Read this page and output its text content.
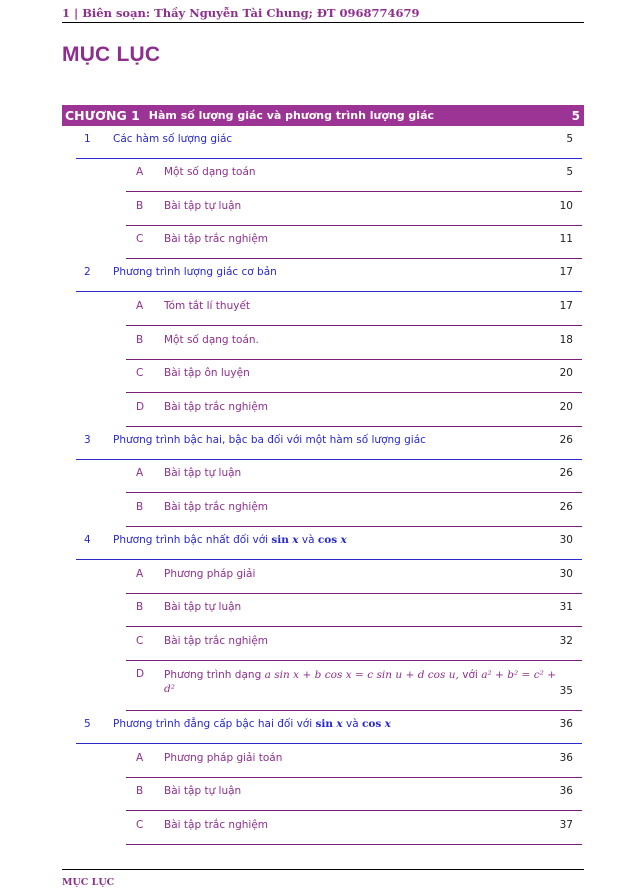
1 | Biên soạn: Thầy Nguyễn Tài Chung; ĐT 0968774679
MỤC LỤC
CHƯƠNG 1 Hàm số lượng giác và phương trình lượng giác	5
1 Các hàm số lượng giác	5
A Một số dạng toán	5
B Bài tập tự luận	10
C Bài tập trắc nghiệm	11
2 Phương trình lượng giác cơ bản	17
A Tóm tắt lí thuyết	17
B Một số dạng toán.	18
C Bài tập ôn luyện	20
D Bài tập trắc nghiệm	20
3 Phương trình bậc hai, bậc ba đối với một hàm số lượng giác	26
A Bài tập tự luận	26
B Bài tập trắc nghiệm	26
4 Phương trình bậc nhất đối với sin x và cos x	30
A Phương pháp giải	30
B Bài tập tự luận	31
C Bài tập trắc nghiệm	32
D Phương trình dạng a sin x + b cos x = c sin u + d cos u, với a² + b² = c² + d²	35
5 Phương trình đẳng cấp bậc hai đối với sin x và cos x	36
A Phương pháp giải toán	36
B Bài tập tự luận	36
C Bài tập trắc nghiệm	37
MỤC LỤC
